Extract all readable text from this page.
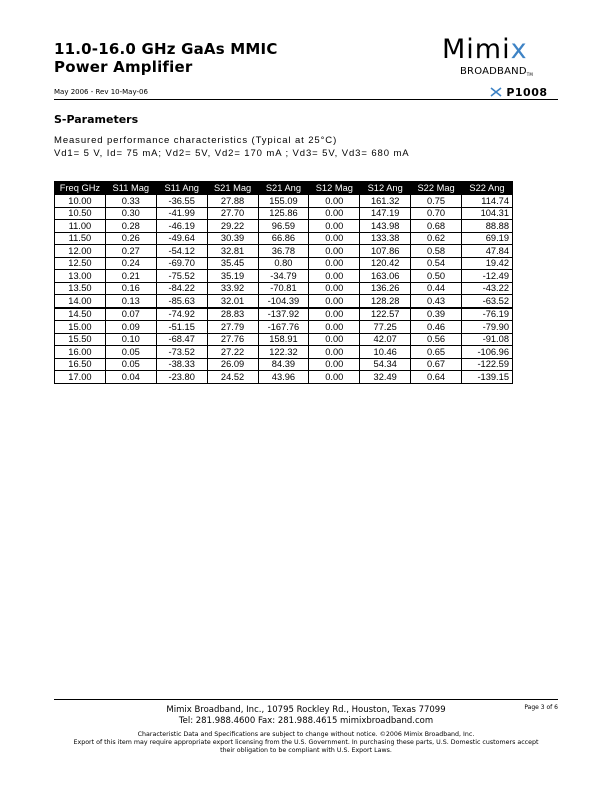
11.0-16.0 GHz GaAs MMIC
Power Amplifier
Mimix
BROADBANDTM
May 2006 - Rev 10-May-06	P1008
S-Parameters
Measured performance characteristics (Typical at 25°C)
Vd1= 5 V, Id= 75 mA; Vd2= 5V, Vd2= 170 mA ; Vd3= 5V, Vd3= 680 mA
Freq GHz	S11 Mag	S11 Ang	S21 Mag	S21 Ang	S12 Mag	S12 Ang	S22 Mag	S22 Ang
10.00	0.33	-36.55	27.88	155.09	0.00	161.32	0.75	114.74
10.50	0.30	-41.99	27.70	125.86	0.00	147.19	0.70	104.31
11.00	0.28	-46.19	29.22	96.59	0.00	143.98	0.68	88.88
11.50	0.26	-49.64	30.39	66.86	0.00	133.38	0.62	69.19
12.00	0.27	-54.12	32.81	36.78	0.00	107.86	0.58	47.84
12.50	0.24	-69.70	35.45	0.80	0.00	120.42	0.54	19.42
13.00	0.21	-75.52	35.19	-34.79	0.00	163.06	0.50	-12.49
13.50	0.16	-84.22	33.92	-70.81	0.00	136.26	0.44	-43.22
14.00	0.13	-85.63	32.01	-104.39	0.00	128.28	0.43	-63.52
14.50	0.07	-74.92	28.83	-137.92	0.00	122.57	0.39	-76.19
15.00	0.09	-51.15	27.79	-167.76	0.00	77.25	0.46	-79.90
15.50	0.10	-68.47	27.76	158.91	0.00	42.07	0.56	-91.08
16.00	0.05	-73.52	27.22	122.32	0.00	10.46	0.65	-106.96
16.50	0.05	-38.33	26.09	84.39	0.00	54.34	0.67	-122.59
17.00	0.04	-23.80	24.52	43.96	0.00	32.49	0.64	-139.15
Mimix Broadband, Inc., 10795 Rockley Rd., Houston, Texas 77099
Tel: 281.988.4600 Fax: 281.988.4615 mimixbroadband.com
Page 3 of 6
Characteristic Data and Specifications are subject to change without notice. ©2006 Mimix Broadband, Inc.
Export of this item may require appropriate export licensing from the U.S. Government. In purchasing these parts, U.S. Domestic customers accept
their obligation to be compliant with U.S. Export Laws.
